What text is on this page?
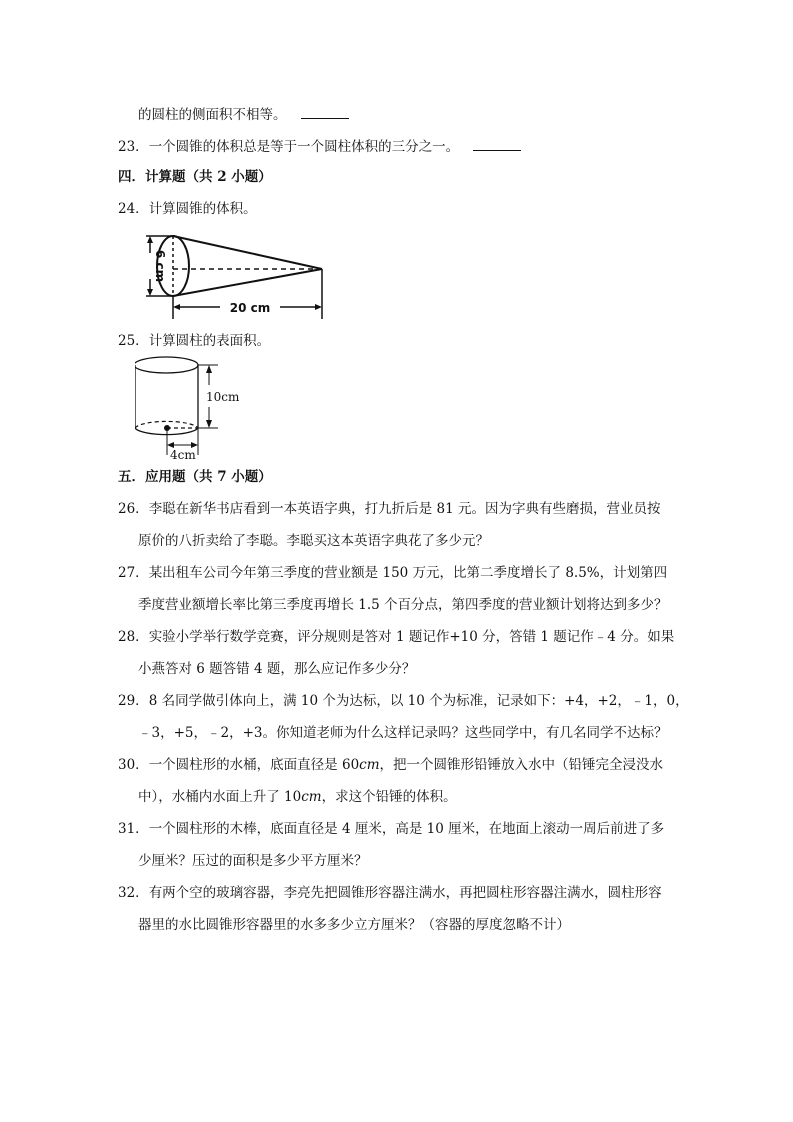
的圆柱的侧面积不相等。
23．一个圆锥的体积总是等于一个圆柱体积的三分之一。
四．计算题（共 2 小题）
24．计算圆锥的体积。
6 cm
20 cm
25．计算圆柱的表面积。
10cm
4cm
五．应用题（共 7 小题）
26．李聪在新华书店看到一本英语字典，打九折后是 81 元。因为字典有些磨损，营业员按
原价的八折卖给了李聪。李聪买这本英语字典花了多少元？
27．某出租车公司今年第三季度的营业额是 150 万元，比第二季度增长了 8.5%，计划第四
季度营业额增长率比第三季度再增长 1.5 个百分点，第四季度的营业额计划将达到多少？
28．实验小学举行数学竞赛，评分规则是答对 1 题记作+10 分，答错 1 题记作﹣4 分。如果
小燕答对 6 题答错 4 题，那么应记作多少分？
29．8 名同学做引体向上，满 10 个为达标，以 10 个为标准，记录如下：+4，+2，﹣1，0，
﹣3，+5，﹣2，+3。你知道老师为什么这样记录吗？这些同学中，有几名同学不达标？
30．一个圆柱形的水桶，底面直径是 60cm，把一个圆锥形铅锤放入水中（铅锤完全浸没水
中），水桶内水面上升了 10cm，求这个铅锤的体积。
31．一个圆柱形的木棒，底面直径是 4 厘米，高是 10 厘米，在地面上滚动一周后前进了多
少厘米？压过的面积是多少平方厘米？
32．有两个空的玻璃容器，李亮先把圆锥形容器注满水，再把圆柱形容器注满水，圆柱形容
器里的水比圆锥形容器里的水多多少立方厘米？（容器的厚度忽略不计）
